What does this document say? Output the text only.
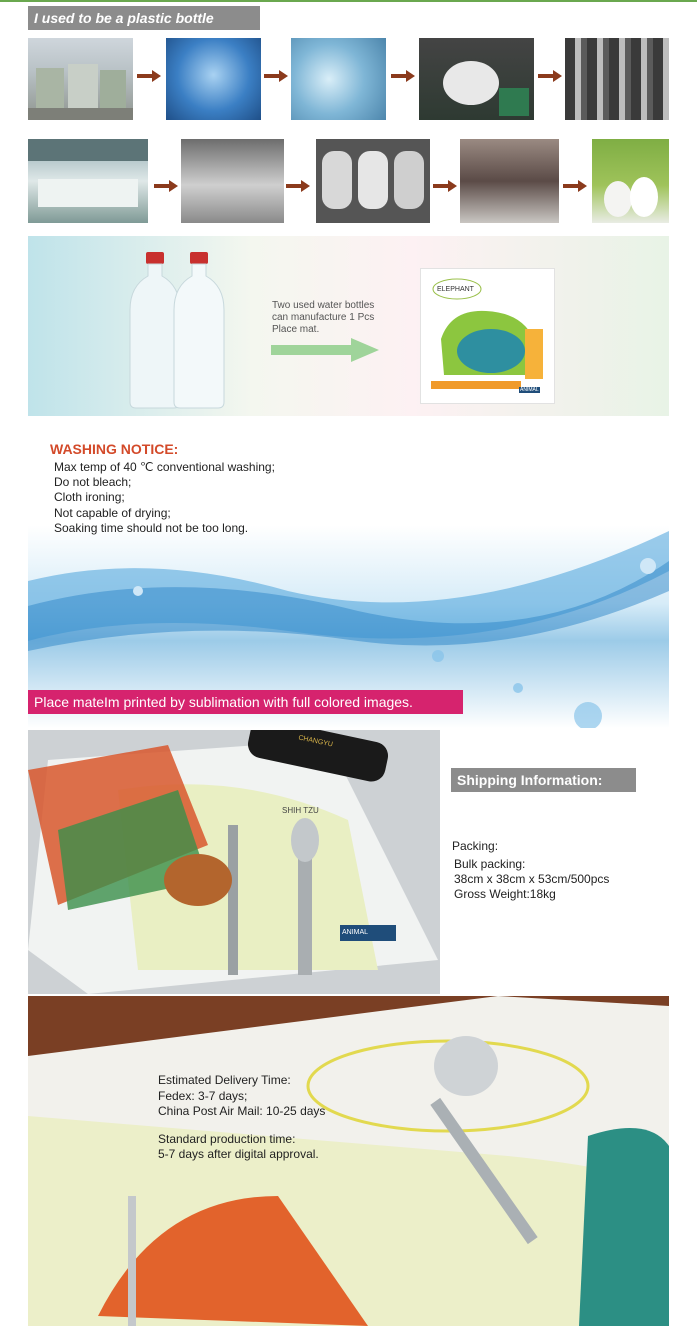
I used to be a plastic bottle
Two used water bottles
can manufacture 1 Pcs
Place mat.
ELEPHANT
ANIMAL
WASHING NOTICE:
Max temp of 40 ℃ conventional washing;
Do not bleach;
Cloth ironing;
Not capable of drying;
Soaking time should not be too long.
Place mateIm printed by sublimation with full colored images.
SHIH TZU
ANIMAL
CHANGYU
Shipping Information:
Packing:
Bulk packing:
38cm x 38cm x 53cm/500pcs
Gross Weight:18kg
Estimated Delivery Time:
Fedex: 3-7 days;
China Post Air Mail: 10-25 days
Standard production time:
5-7 days after digital approval.
